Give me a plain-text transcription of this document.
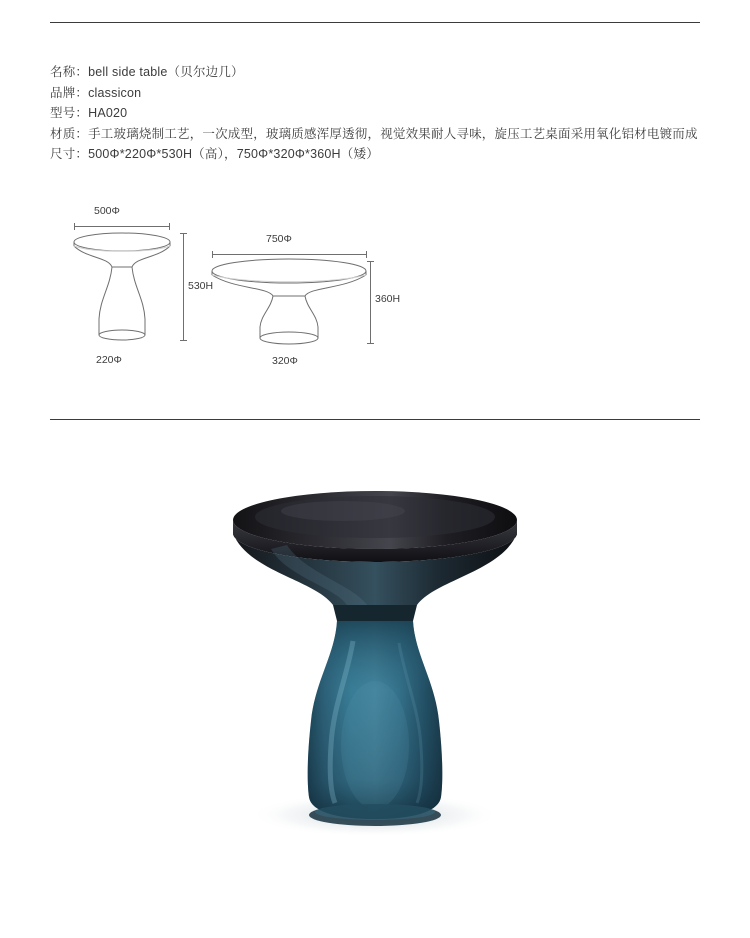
名称：bell side table（贝尔边几）
品牌：classicon
型号：HA020
材质：手工玻璃烧制工艺，一次成型，玻璃质感浑厚透彻，视觉效果耐人寻味，旋压工艺桌面采用氧化铝材电镀而成
尺寸：500Φ*220Φ*530H（高），750Φ*320Φ*360H（矮）
500Φ
220Φ
530H
750Φ
320Φ
360H
